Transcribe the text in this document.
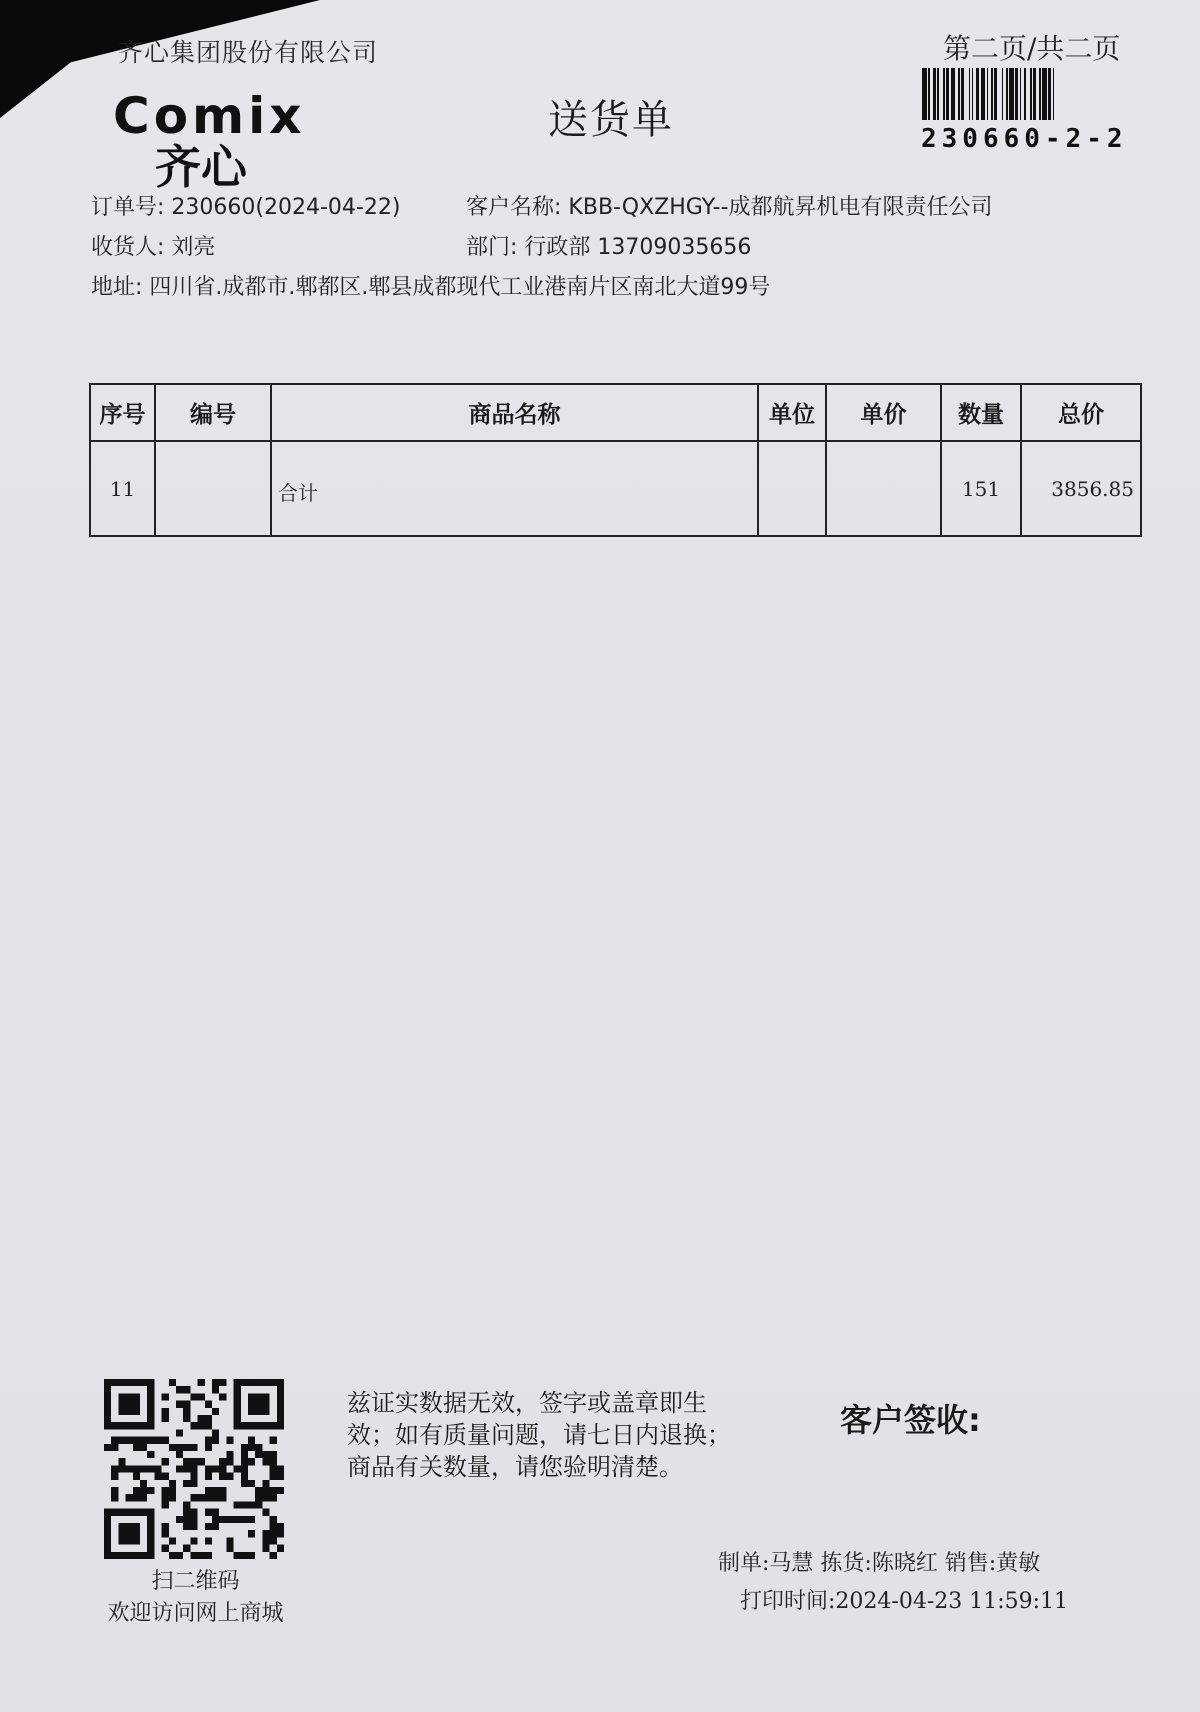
齐心集团股份有限公司	第二页/共二页
230660-2-2
Comix
齐心
送货单
订单号: 230660(2024-04-22)	客户名称: KBB-QXZHGY--成都航昇机电有限责任公司
收货人: 刘亮	部门: 行政部 13709035656
地址: 四川省.成都市.郫都区.郫县成都现代工业港南片区南北大道99号
序号	编号	商品名称	单位	单价	数量	总价
11		合计			151	3856.85
扫二维码
欢迎访问网上商城
兹证实数据无效，签字或盖章即生
效；如有质量问题，请七日内退换；
商品有关数量，请您验明清楚。
客户签收:
制单:马慧 拣货:陈晓红 销售:黄敏
打印时间:2024-04-23 11:59:11
